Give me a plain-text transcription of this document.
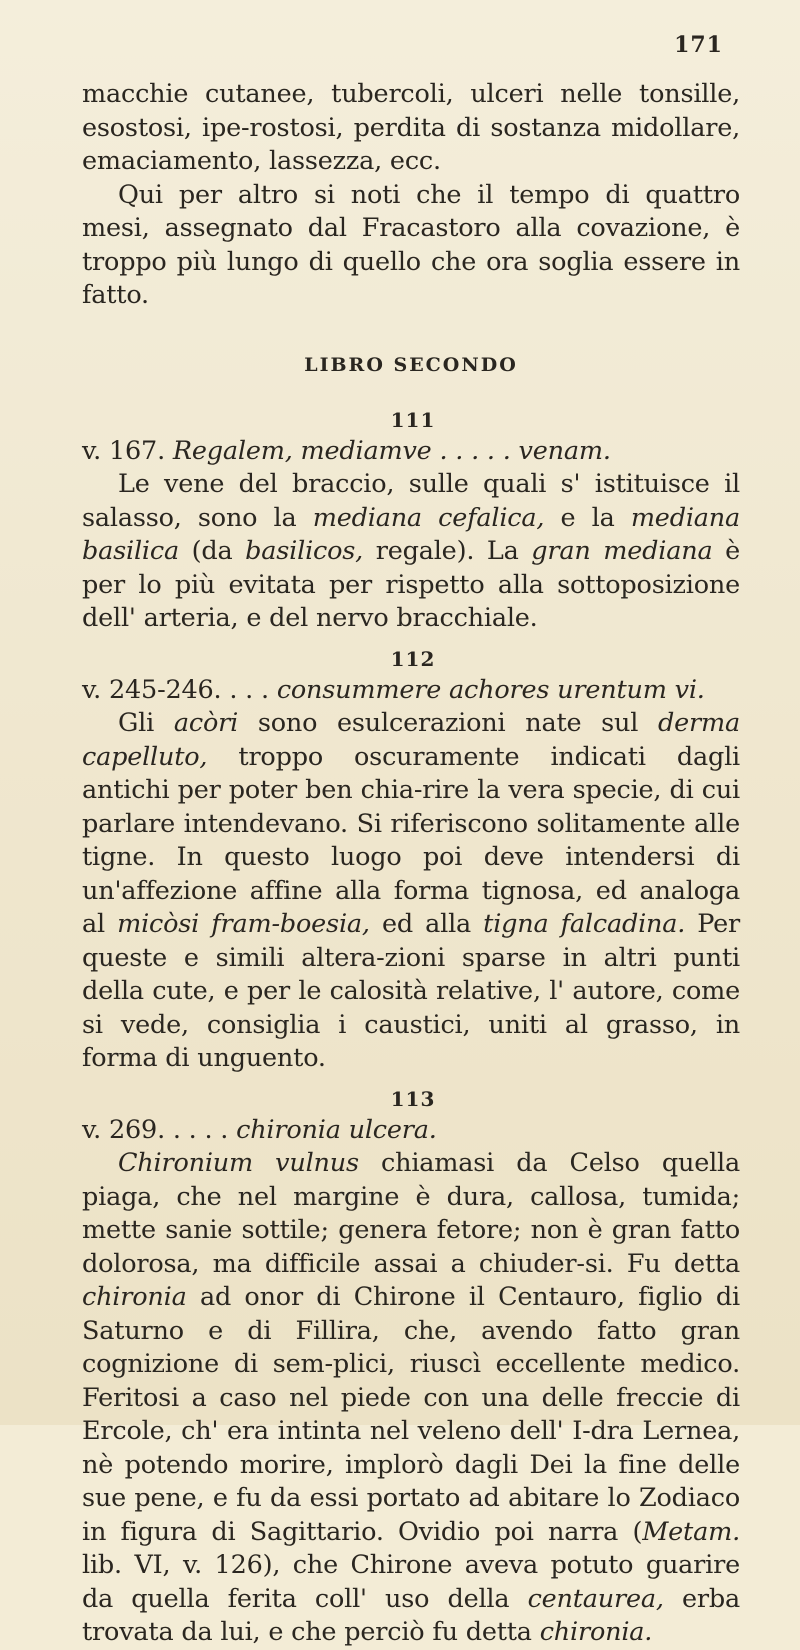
171

macchie cutanee, tubercoli, ulceri nelle tonsille, esostosi, ipe-rostosi, perdita di sostanza midollare, emaciamento, lassezza, ecc.

Qui per altro si noti che il tempo di quattro mesi, assegnato dal Fracastoro alla covazione, è troppo più lungo di quello che ora soglia essere in fatto.

LIBRO SECONDO
111

v. 167. Regalem, mediamve . . . . . venam.

Le vene del braccio, sulle quali s' istituisce il salasso, sono la mediana cefalica, e la mediana basilica (da basilicos, regale). La gran mediana è per lo più evitata per rispetto alla sottoposizione dell' arteria, e del nervo bracchiale.

112

v. 245-246. . . . consummere achores urentum vi.

Gli acòri sono esulcerazioni nate sul derma capelluto, troppo oscuramente indicati dagli antichi per poter ben chia-rire la vera specie, di cui parlare intendevano. Si riferiscono solitamente alle tigne. In questo luogo poi deve intendersi di un'affezione affine alla forma tignosa, ed analoga al micòsi fram-boesia, ed alla tigna falcadina. Per queste e simili altera-zioni sparse in altri punti della cute, e per le calosità relative, l' autore, come si vede, consiglia i caustici, uniti al grasso, in forma di unguento.

113

v. 269. . . . . chironia ulcera.

Chironium vulnus chiamasi da Celso quella piaga, che nel margine è dura, callosa, tumida; mette sanie sottile; genera fetore; non è gran fatto dolorosa, ma difficile assai a chiuder-si. Fu detta chironia ad onor di Chirone il Centauro, figlio di Saturno e di Fillira, che, avendo fatto gran cognizione di sem-plici, riuscì eccellente medico. Feritosi a caso nel piede con una delle freccie di Ercole, ch' era intinta nel veleno dell' I-dra Lernea, nè potendo morire, implorò dagli Dei la fine delle sue pene, e fu da essi portato ad abitare lo Zodiaco in figura di Sagittario. Ovidio poi narra (Metam. lib. VI, v. 126), che Chirone aveva potuto guarire da quella ferita coll' uso della centaurea, erba trovata da lui, e che perciò fu detta chironia.
